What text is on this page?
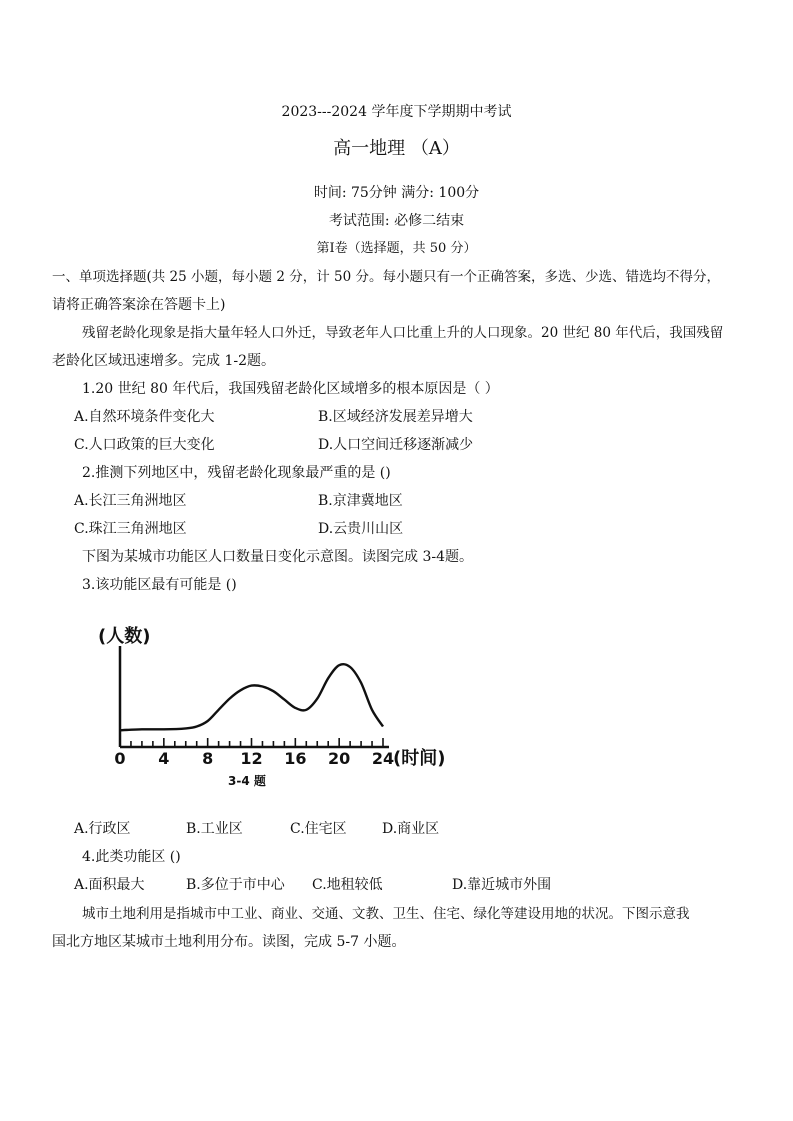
2023---2024 学年度下学期期中考试
高一地理 （A）
时间: 75分钟 满分: 100分
考试范围: 必修二结束
第Ⅰ卷（选择题，共 50 分）
一、单项选择题(共 25 小题，每小题 2 分，计 50 分。每小题只有一个正确答案，多选、少选、错选均不得分，
请将正确答案涂在答题卡上)
残留老龄化现象是指大量年轻人口外迁，导致老年人口比重上升的人口现象。20 世纪 80 年代后，我国残留
老龄化区域迅速增多。完成 1-2题。
1.20 世纪 80 年代后，我国残留老龄化区域增多的根本原因是（ ）
A.自然环境条件变化大	B.区域经济发展差异增大
C.人口政策的巨大变化	D.人口空间迁移逐渐减少
2.推测下列地区中，残留老龄化现象最严重的是 ()
A.长江三角洲地区	B.京津冀地区
C.珠江三角洲地区	D.云贵川山区
下图为某城市功能区人口数量日变化示意图。读图完成 3-4题。
3.该功能区最有可能是 ()
0 4 8 12 16 20 24
(人数)
(时间)
3-4 题
A.行政区	B.工业区	C.住宅区	D.商业区
4.此类功能区 ()
A.面积最大	B.多位于市中心 C.地租较低	D.靠近城市外围
城市土地利用是指城市中工业、商业、交通、文教、卫生、住宅、绿化等建设用地的状况。下图示意我
国北方地区某城市土地利用分布。读图，完成 5-7 小题。
